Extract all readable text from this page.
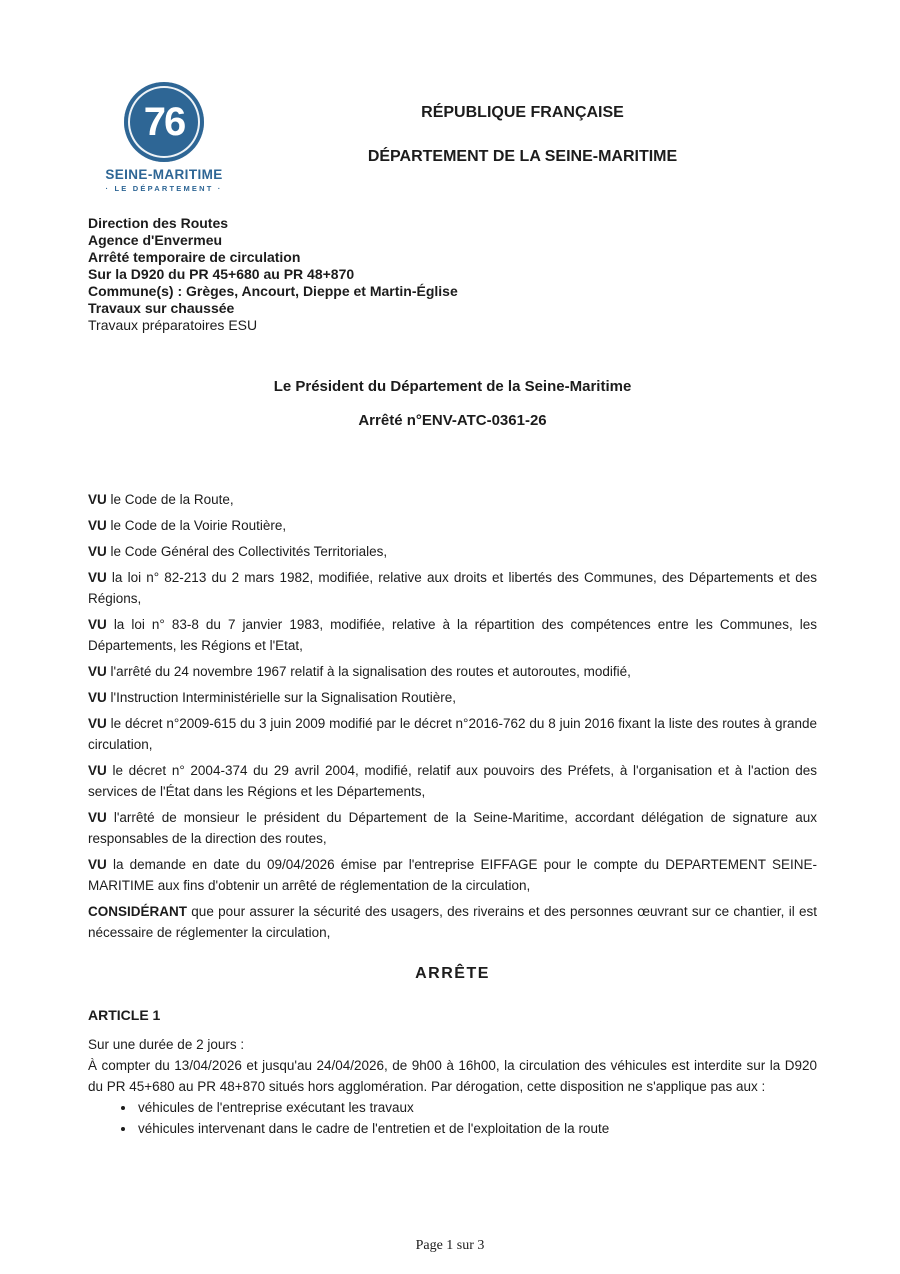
76
SEINE-MARITIME
· LE DÉPARTEMENT ·
RÉPUBLIQUE FRANÇAISE
DÉPARTEMENT DE LA SEINE-MARITIME
Direction des Routes
Agence d'Envermeu
Arrêté temporaire de circulation
Sur la D920 du PR 45+680 au PR 48+870
Commune(s) : Grèges, Ancourt, Dieppe et Martin-Église
Travaux sur chaussée
Travaux préparatoires ESU
Le Président du Département de la Seine-Maritime
Arrêté n°ENV-ATC-0361-26

VU le Code de la Route,

VU le Code de la Voirie Routière,

VU le Code Général des Collectivités Territoriales,

VU la loi n° 82-213 du 2 mars 1982, modifiée, relative aux droits et libertés des Communes, des Départements et des Régions,

VU la loi n° 83-8 du 7 janvier 1983, modifiée, relative à la répartition des compétences entre les Communes, les Départements, les Régions et l'Etat,

VU l'arrêté du 24 novembre 1967 relatif à la signalisation des routes et autoroutes, modifié,

VU l'Instruction Interministérielle sur la Signalisation Routière,

VU le décret n°2009-615 du 3 juin 2009 modifié par le décret n°2016-762 du 8 juin 2016 fixant la liste des routes à grande circulation,

VU le décret n° 2004-374 du 29 avril 2004, modifié, relatif aux pouvoirs des Préfets, à l'organisation et à l'action des services de l'État dans les Régions et les Départements,

VU l'arrêté de monsieur le président du Département de la Seine-Maritime, accordant délégation de signature aux responsables de la direction des routes,

VU la demande en date du 09/04/2026 émise par l'entreprise EIFFAGE pour le compte du DEPARTEMENT SEINE-MARITIME aux fins d'obtenir un arrêté de réglementation de la circulation,

CONSIDÉRANT que pour assurer la sécurité des usagers, des riverains et des personnes œuvrant sur ce chantier, il est nécessaire de réglementer la circulation,

ARRÊTE
ARTICLE 1

Sur une durée de 2 jours :

À compter du 13/04/2026 et jusqu'au 24/04/2026, de 9h00 à 16h00, la circulation des véhicules est interdite sur la D920 du PR 45+680 au PR 48+870 situés hors agglomération. Par dérogation, cette disposition ne s'applique pas aux :

• véhicules de l'entreprise exécutant les travaux
• véhicules intervenant dans le cadre de l'entretien et de l'exploitation de la route
Page 1 sur 3
